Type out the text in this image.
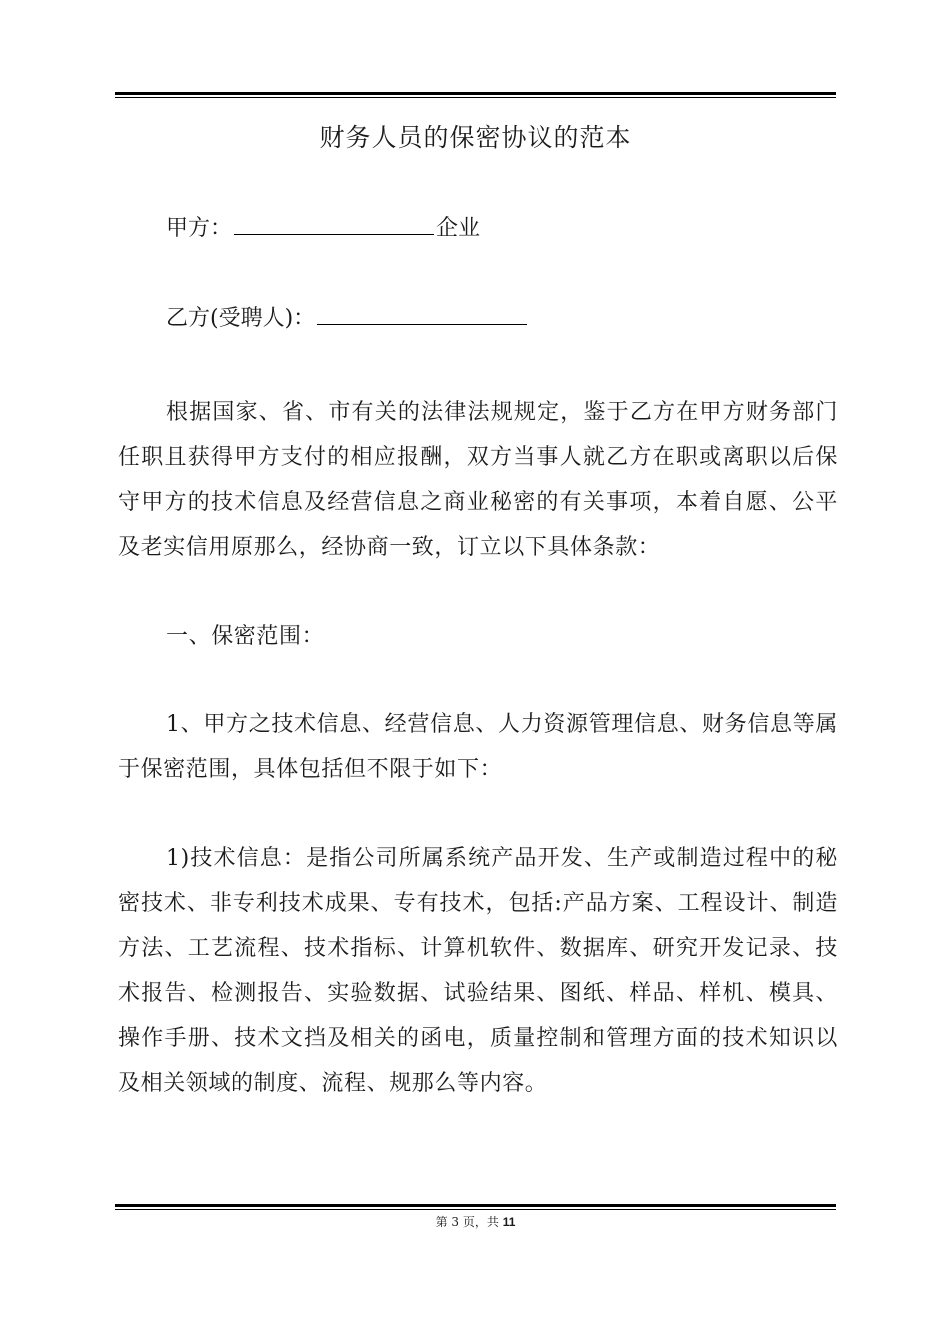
财务人员的保密协议的范本
甲方：	企业
乙方(受聘人)：

根据国家、省、市有关的法律法规规定，鉴于乙方在甲方财务部门任职且获得甲方支付的相应报酬，双方当事人就乙方在职或离职以后保守甲方的技术信息及经营信息之商业秘密的有关事项，本着自愿、公平及老实信用原那么，经协商一致，订立以下具体条款：

一、保密范围：

1、甲方之技术信息、经营信息、人力资源管理信息、财务信息等属于保密范围，具体包括但不限于如下：

1)技术信息：是指公司所属系统产品开发、生产或制造过程中的秘密技术、非专利技术成果、专有技术，包括:产品方案、工程设计、制造方法、工艺流程、技术指标、计算机软件、数据库、研究开发记录、技术报告、检测报告、实验数据、试验结果、图纸、样品、样机、模具、操作手册、技术文挡及相关的函电，质量控制和管理方面的技术知识以及相关领域的制度、流程、规那么等内容。

第 3 页，共 11
